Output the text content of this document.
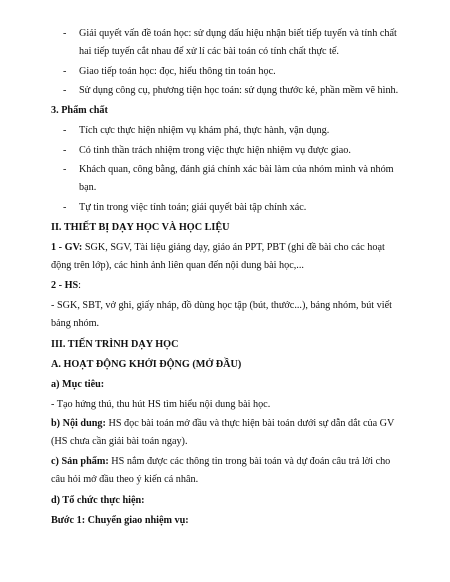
- Giải quyết vấn đề toán học: sử dụng dấu hiệu nhận biết tiếp tuyến và tính chất
hai tiếp tuyến cắt nhau để xử lí các bài toán có tính chất thực tế.
- Giao tiếp toán học: đọc, hiểu thông tin toán học.
- Sử dụng công cụ, phương tiện học toán: sử dụng thước kẻ, phần mềm vẽ hình.
3. Phẩm chất
- Tích cực thực hiện nhiệm vụ khám phá, thực hành, vận dụng.
- Có tinh thần trách nhiệm trong việc thực hiện nhiệm vụ được giao.
- Khách quan, công bằng, đánh giá chính xác bài làm của nhóm mình và nhóm
bạn.
- Tự tin trong việc tính toán; giải quyết bài tập chính xác.
II. THIẾT BỊ DẠY HỌC VÀ HỌC LIỆU
1 - GV: SGK, SGV, Tài liệu giảng dạy, giáo án PPT, PBT (ghi đề bài cho các hoạt
động trên lớp), các hình ảnh liên quan đến nội dung bài học,...
2 - HS:
- SGK, SBT, vở ghi, giấy nháp, đồ dùng học tập (bút, thước...), bảng nhóm, bút viết
bảng nhóm.
III. TIẾN TRÌNH DẠY HỌC
A. HOẠT ĐỘNG KHỞI ĐỘNG (MỞ ĐẦU)
a) Mục tiêu:
- Tạo hứng thú, thu hút HS tìm hiểu nội dung bài học.
b) Nội dung: HS đọc bài toán mở đầu và thực hiện bài toán dưới sự dẫn dắt của GV
(HS chưa cần giải bài toán ngay).
c) Sản phẩm: HS nắm được các thông tin trong bài toán và dự đoán câu trả lời cho
câu hỏi mở đầu theo ý kiến cá nhân.
d) Tổ chức thực hiện:
Bước 1: Chuyển giao nhiệm vụ:
